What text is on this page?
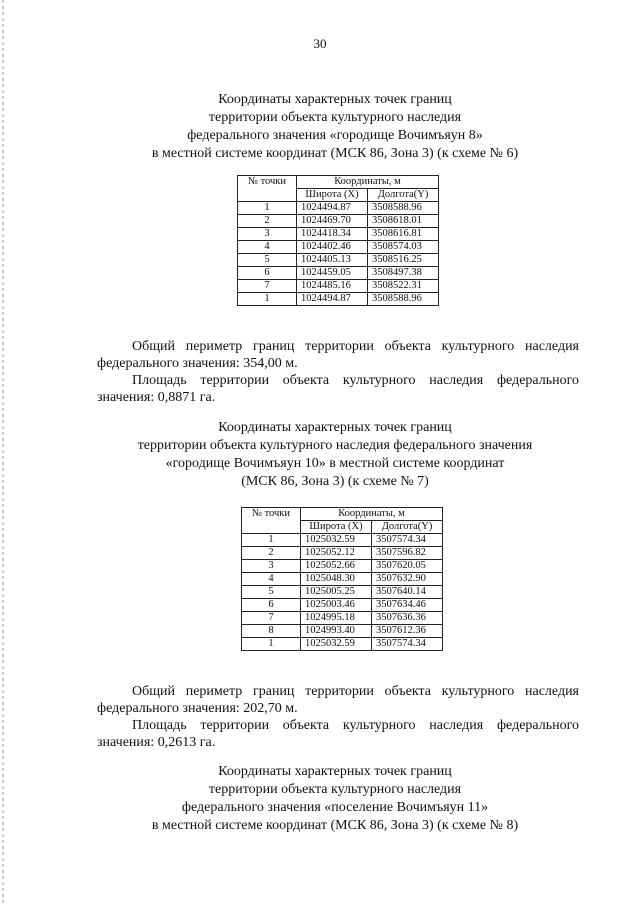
30
Координаты характерных точек границ
территории объекта культурного наследия
федерального значения «городище Вочимъяун 8»
в местной системе координат (МСК 86, Зона 3) (к схеме № 6)
№ точки	Координаты, м	
	Широта (X)	Долгота(Y)
1	1024494.87	3508588.96
2	1024469.70	3508618.01
3	1024418.34	3508616.81
4	1024402.46	3508574.03
5	1024405.13	3508516.25
6	1024459.05	3508497.38
7	1024485.16	3508522.31
1	1024494.87	3508588.96
Общий периметр границ территории объекта культурного наследия федерального значения: 354,00 м.
Площадь территории объекта культурного наследия федерального значения: 0,8871 га.
Координаты характерных точек границ
территории объекта культурного наследия федерального значения
«городище Вочимъяун 10» в местной системе координат
(МСК 86, Зона 3) (к схеме № 7)
№ точки	Координаты, м	
	Широта (X)	Долгота(Y)
1	1025032.59	3507574.34
2	1025052.12	3507596.82
3	1025052.66	3507620.05
4	1025048.30	3507632.90
5	1025005.25	3507640.14
6	1025003.46	3507634.46
7	1024995.18	3507636.36
8	1024993.40	3507612.36
1	1025032.59	3507574.34
Общий периметр границ территории объекта культурного наследия федерального значения: 202,70 м.
Площадь территории объекта культурного наследия федерального значения: 0,2613 га.
Координаты характерных точек границ
территории объекта культурного наследия
федерального значения «поселение Вочимъяун 11»
в местной системе координат (МСК 86, Зона 3) (к схеме № 8)
